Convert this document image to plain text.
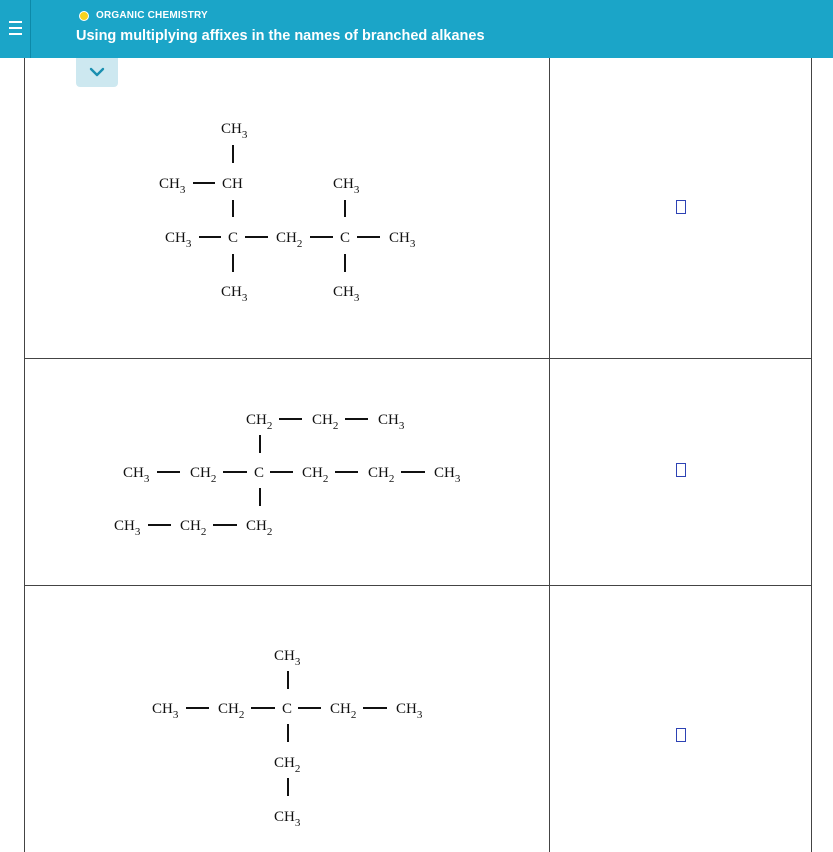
ORGANIC CHEMISTRY
Using multiplying affixes in the names of branched alkanes
$CH_3$
$CH_3$ CH
$CH_3$ C	$CH_2$	C	$CH_3$
$CH_3$
$CH_3$	$CH_3$
$CH_2$	$CH_2$	$CH_3$
$CH_3$	$CH_2$	C	$CH_2$	$CH_2$	$CH_3$
$CH_3$	$CH_2$	$CH_2$
$CH_3$
$CH_3$	$CH_2$	C	$CH_2$	$CH_3$
$CH_2$
$CH_3$
